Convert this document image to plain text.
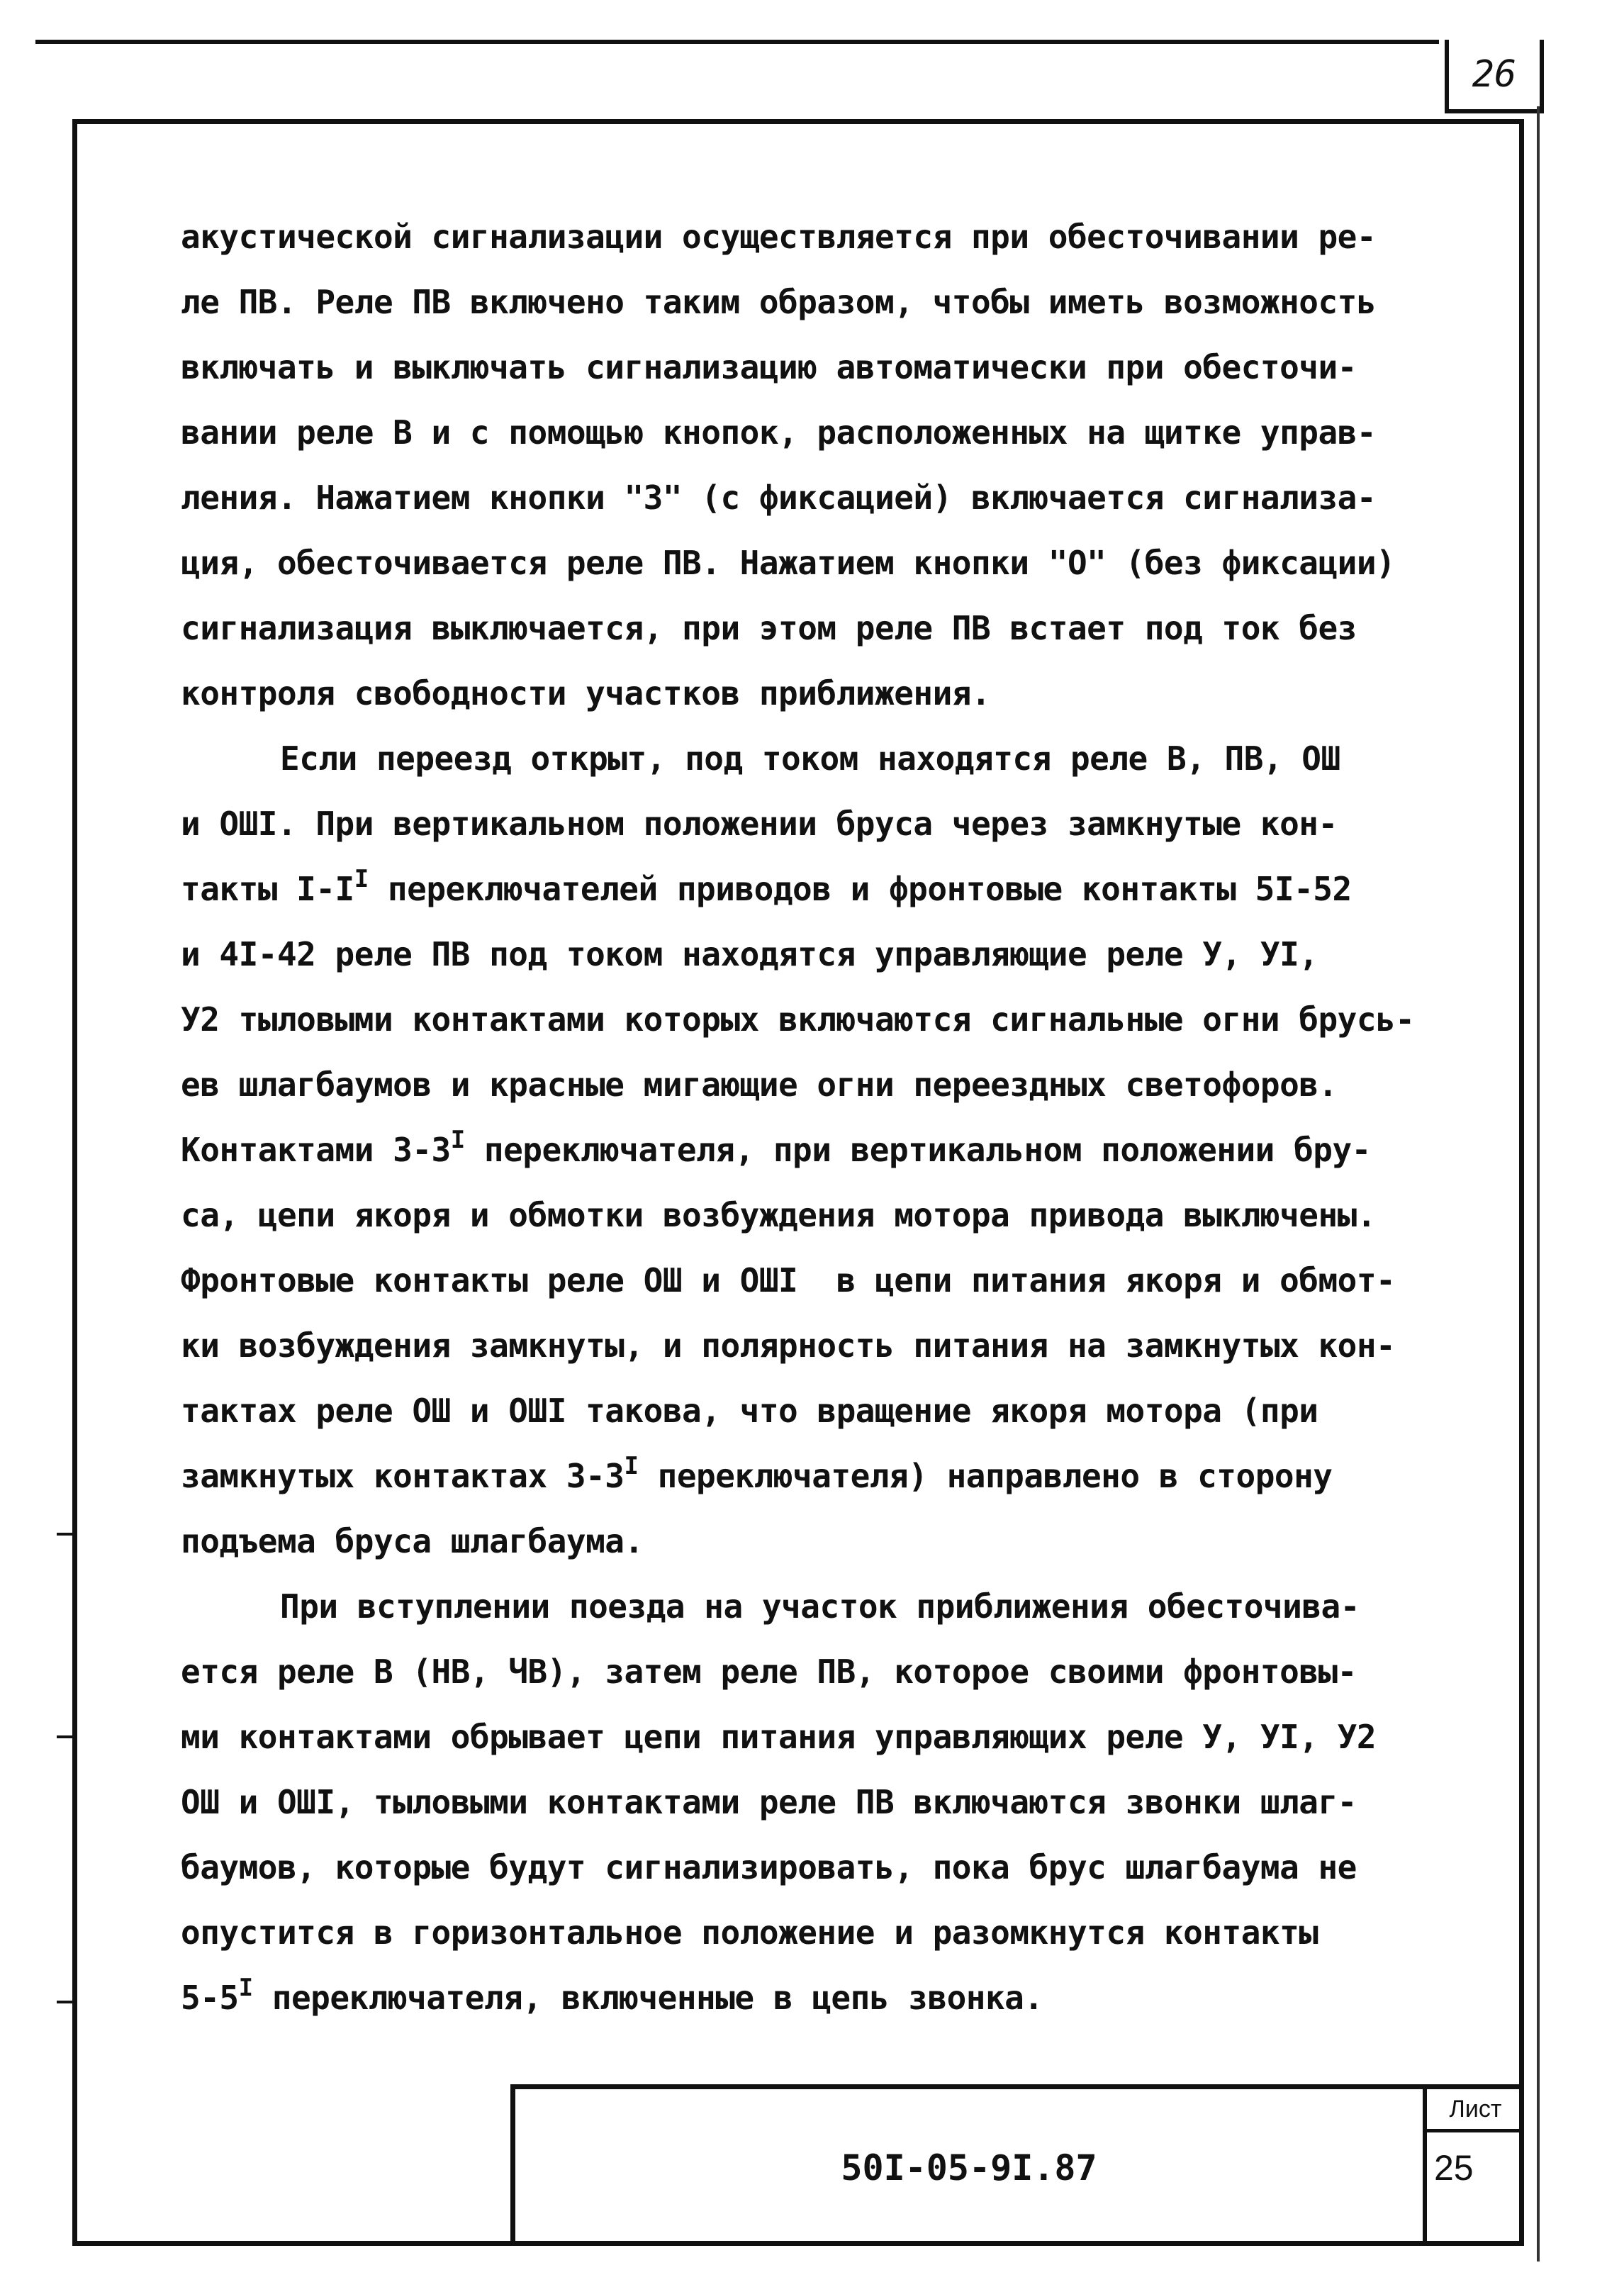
26
акустической сигнализации осуществляется при обесточивании ре-
ле ПВ. Реле ПВ включено таким образом, чтобы иметь возможность
включать и выключать сигнализацию автоматически при обесточи-
вании реле В и с помощью кнопок, расположенных на щитке управ-
ления. Нажатием кнопки "З" (с фиксацией) включается сигнализа-
ция, обесточивается реле ПВ. Нажатием кнопки "О" (без фиксации)
сигнализация выключается, при этом реле ПВ встает под ток без
контроля свободности участков приближения.
Если переезд открыт, под током находятся реле В, ПВ, ОШ
и ОШI. При вертикальном положении бруса через замкнутые кон-
такты $I-I^I$ переключателей приводов и фронтовые контакты 5I-52
и 4I-42 реле ПВ под током находятся управляющие реле У, УI,
У2 тыловыми контактами которых включаются сигнальные огни брусь-
ев шлагбаумов и красные мигающие огни переездных светофоров.
Контактами $3-3^I$ переключателя, при вертикальном положении бру-
са, цепи якоря и обмотки возбуждения мотора привода выключены.
Фронтовые контакты реле ОШ и ОШI  в цепи питания якоря и обмот-
ки возбуждения замкнуты, и полярность питания на замкнутых кон-
тактах реле ОШ и ОШI такова, что вращение якоря мотора (при
замкнутых контактах $3-3^I$ переключателя) направлено в сторону
подъема бруса шлагбаума.
При вступлении поезда на участок приближения обесточива-
ется реле В (НВ, ЧВ), затем реле ПВ, которое своими фронтовы-
ми контактами обрывает цепи питания управляющих реле У, УI, У2
ОШ и ОШI, тыловыми контактами реле ПВ включаются звонки шлаг-
баумов, которые будут сигнализировать, пока брус шлагбаума не
опустится в горизонтальное положение и разомкнутся контакты
$5-5^I$ переключателя, включенные в цепь звонка.
50I-05-9I.87
Лист
25
